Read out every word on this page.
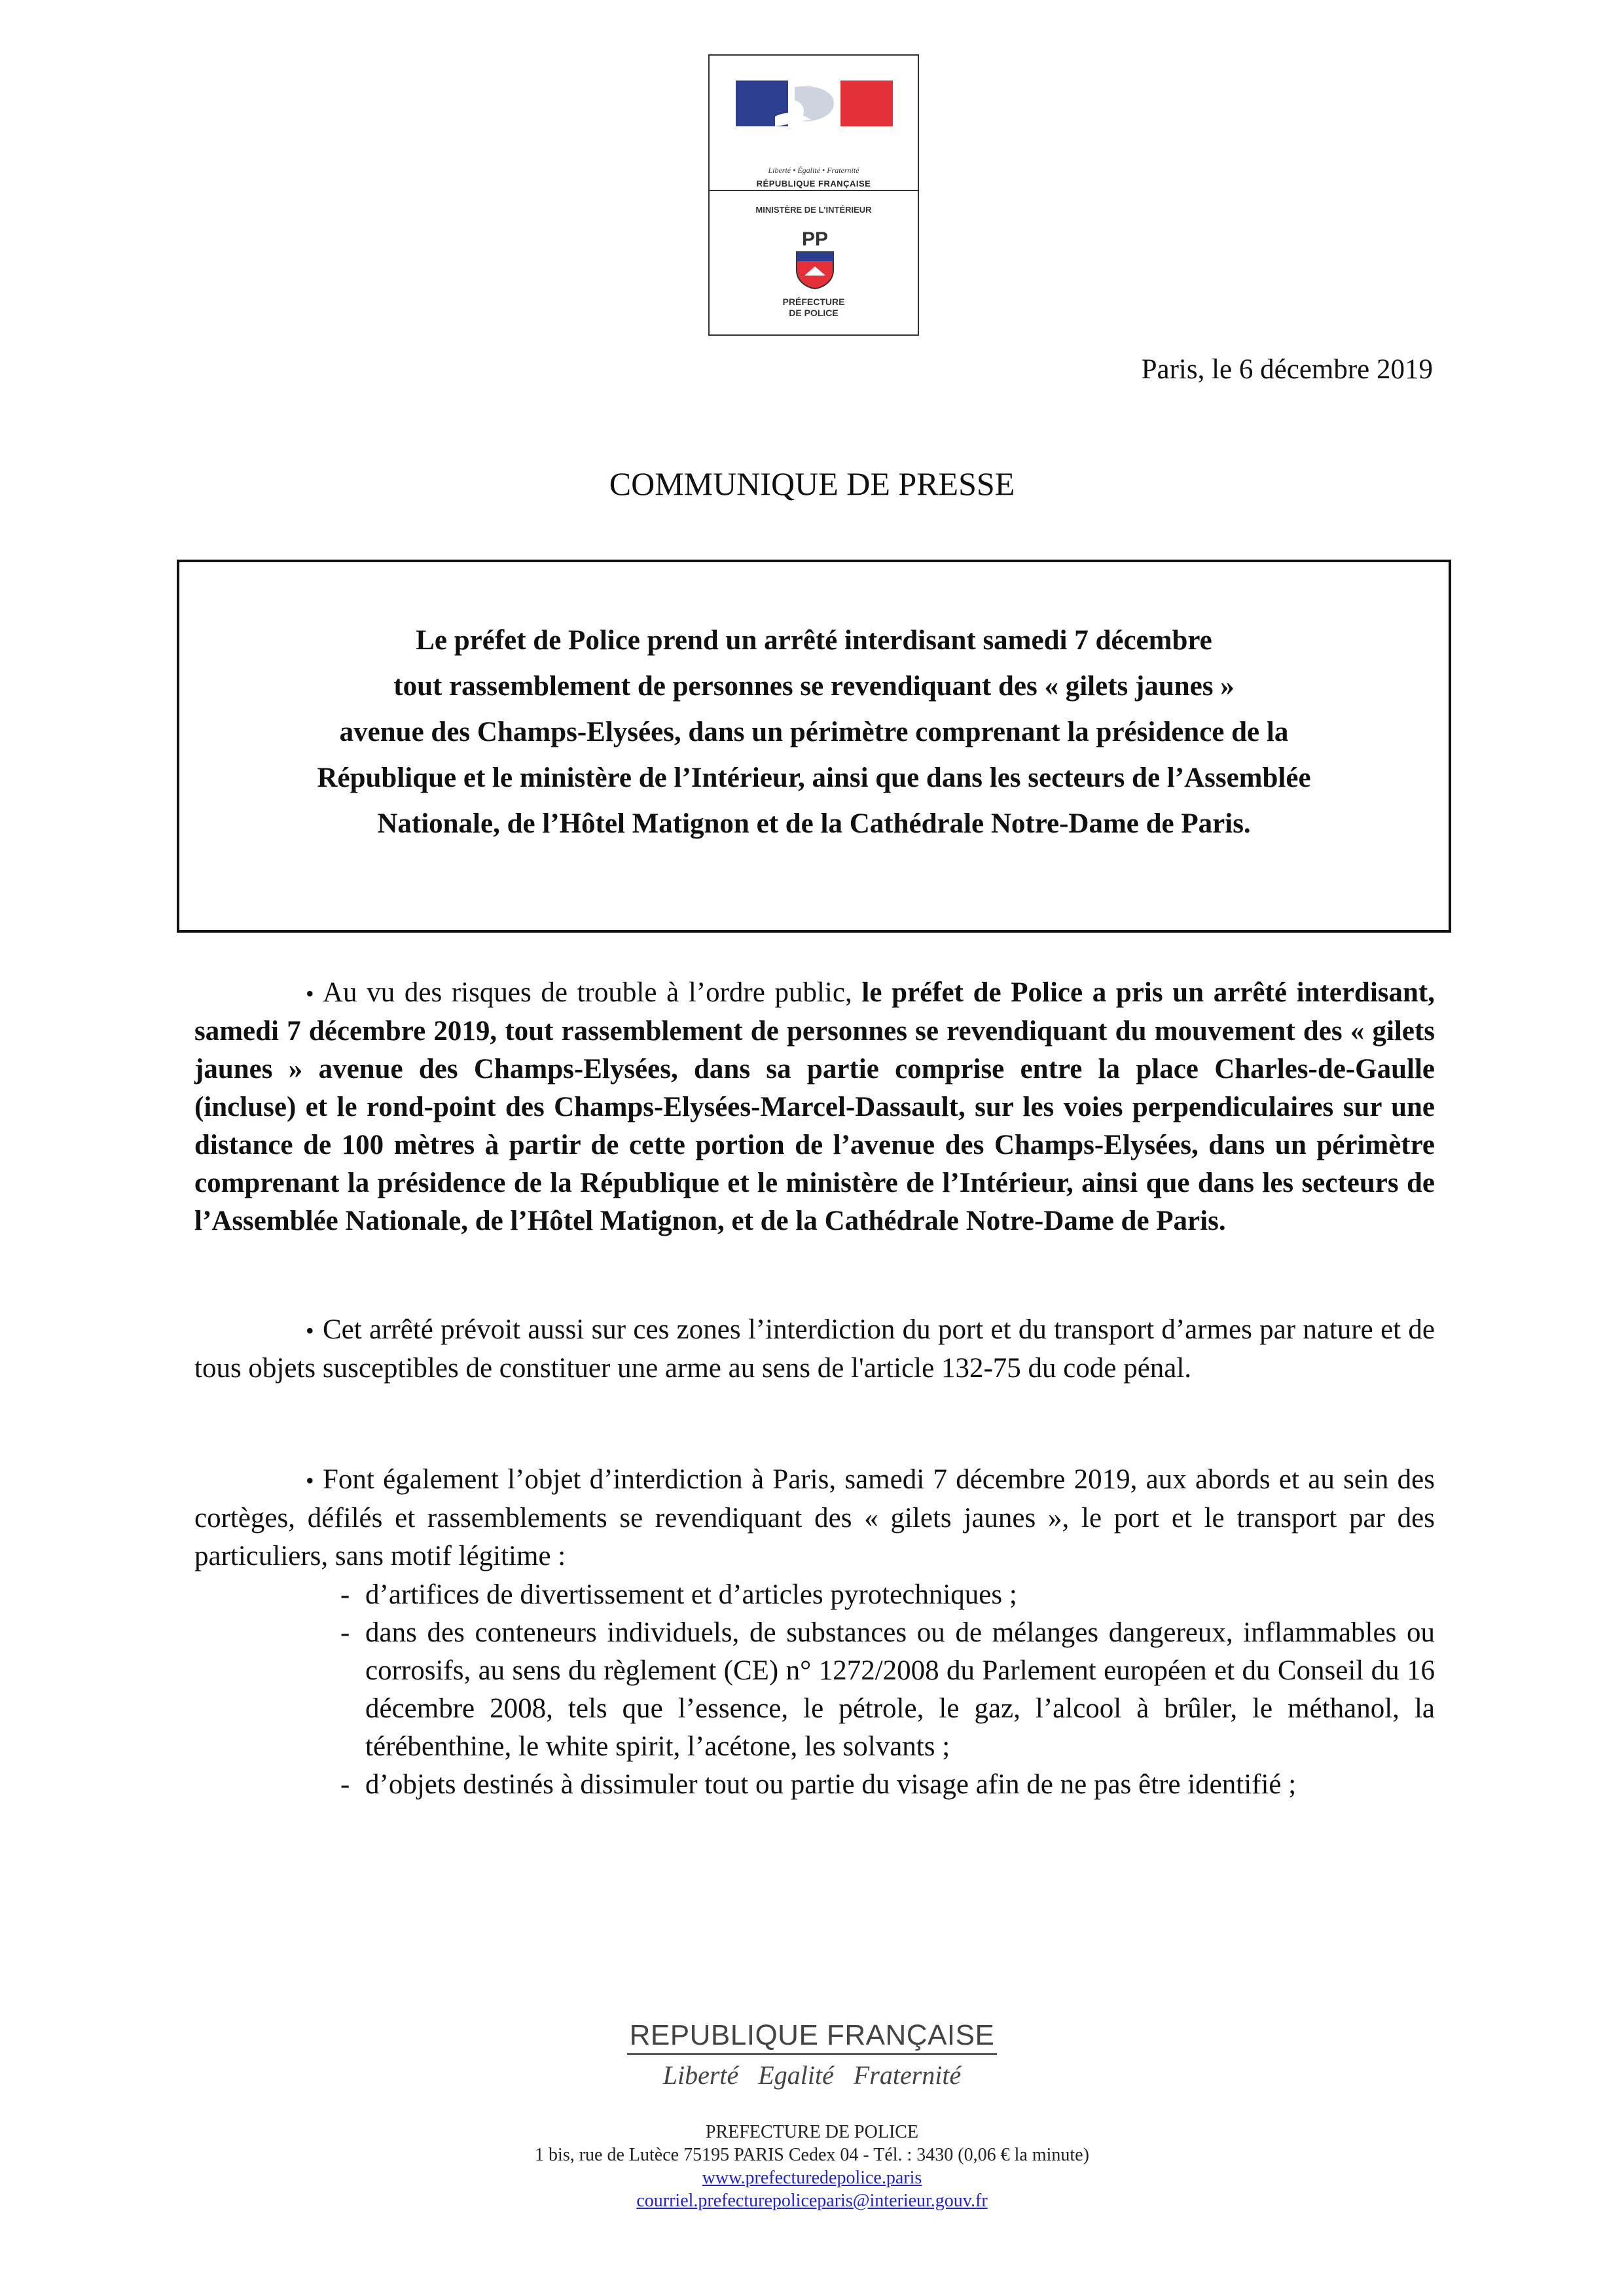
Liberté • Égalité • Fraternité
RÉPUBLIQUE FRANÇAISE
MINISTÈRE DE L'INTÉRIEUR
PP
PRÉFECTURE
DE POLICE
Paris, le 6 décembre 2019
COMMUNIQUE DE PRESSE
Le préfet de Police prend un arrêté interdisant samedi 7 décembre
tout rassemblement de personnes se revendiquant des « gilets jaunes »
avenue des Champs-Elysées, dans un périmètre comprenant la présidence de la
République et le ministère de l’Intérieur, ainsi que dans les secteurs de l’Assemblée
Nationale, de l’Hôtel Matignon et de la Cathédrale Notre-Dame de Paris.
• Au vu des risques de trouble à l’ordre public, le préfet de Police a pris un arrêté interdisant, samedi 7 décembre 2019, tout rassemblement de personnes se revendiquant du mouvement des « gilets jaunes » avenue des Champs-Elysées, dans sa partie comprise entre la place Charles-de-Gaulle (incluse) et le rond-point des Champs-Elysées-Marcel-Dassault, sur les voies perpendiculaires sur une distance de 100 mètres à partir de cette portion de l’avenue des Champs-Elysées, dans un périmètre comprenant la présidence de la République et le ministère de l’Intérieur, ainsi que dans les secteurs de l’Assemblée Nationale, de l’Hôtel Matignon, et de la Cathédrale Notre-Dame de Paris.
• Cet arrêté prévoit aussi sur ces zones l’interdiction du port et du transport d’armes par nature et de tous objets susceptibles de constituer une arme au sens de l'article 132-75 du code pénal.
• Font également l’objet d’interdiction à Paris, samedi 7 décembre 2019, aux abords et au sein des cortèges, défilés et rassemblements se revendiquant des « gilets jaunes », le port et le transport par des particuliers, sans motif légitime :
- d’artifices de divertissement et d’articles pyrotechniques ;
- dans des conteneurs individuels, de substances ou de mélanges dangereux, inflammables ou corrosifs, au sens du règlement (CE) n° 1272/2008 du Parlement européen et du Conseil du 16 décembre 2008, tels que l’essence, le pétrole, le gaz, l’alcool à brûler, le méthanol, la térébenthine, le white spirit, l’acétone, les solvants ;
- d’objets destinés à dissimuler tout ou partie du visage afin de ne pas être identifié ;
REPUBLIQUE FRANÇAISE
Liberté Egalité Fraternité
PREFECTURE DE POLICE
1 bis, rue de Lutèce 75195 PARIS Cedex 04 - Tél. : 3430 (0,06 € la minute)
www.prefecturedepolice.paris
courriel.prefecturepoliceparis@interieur.gouv.fr
